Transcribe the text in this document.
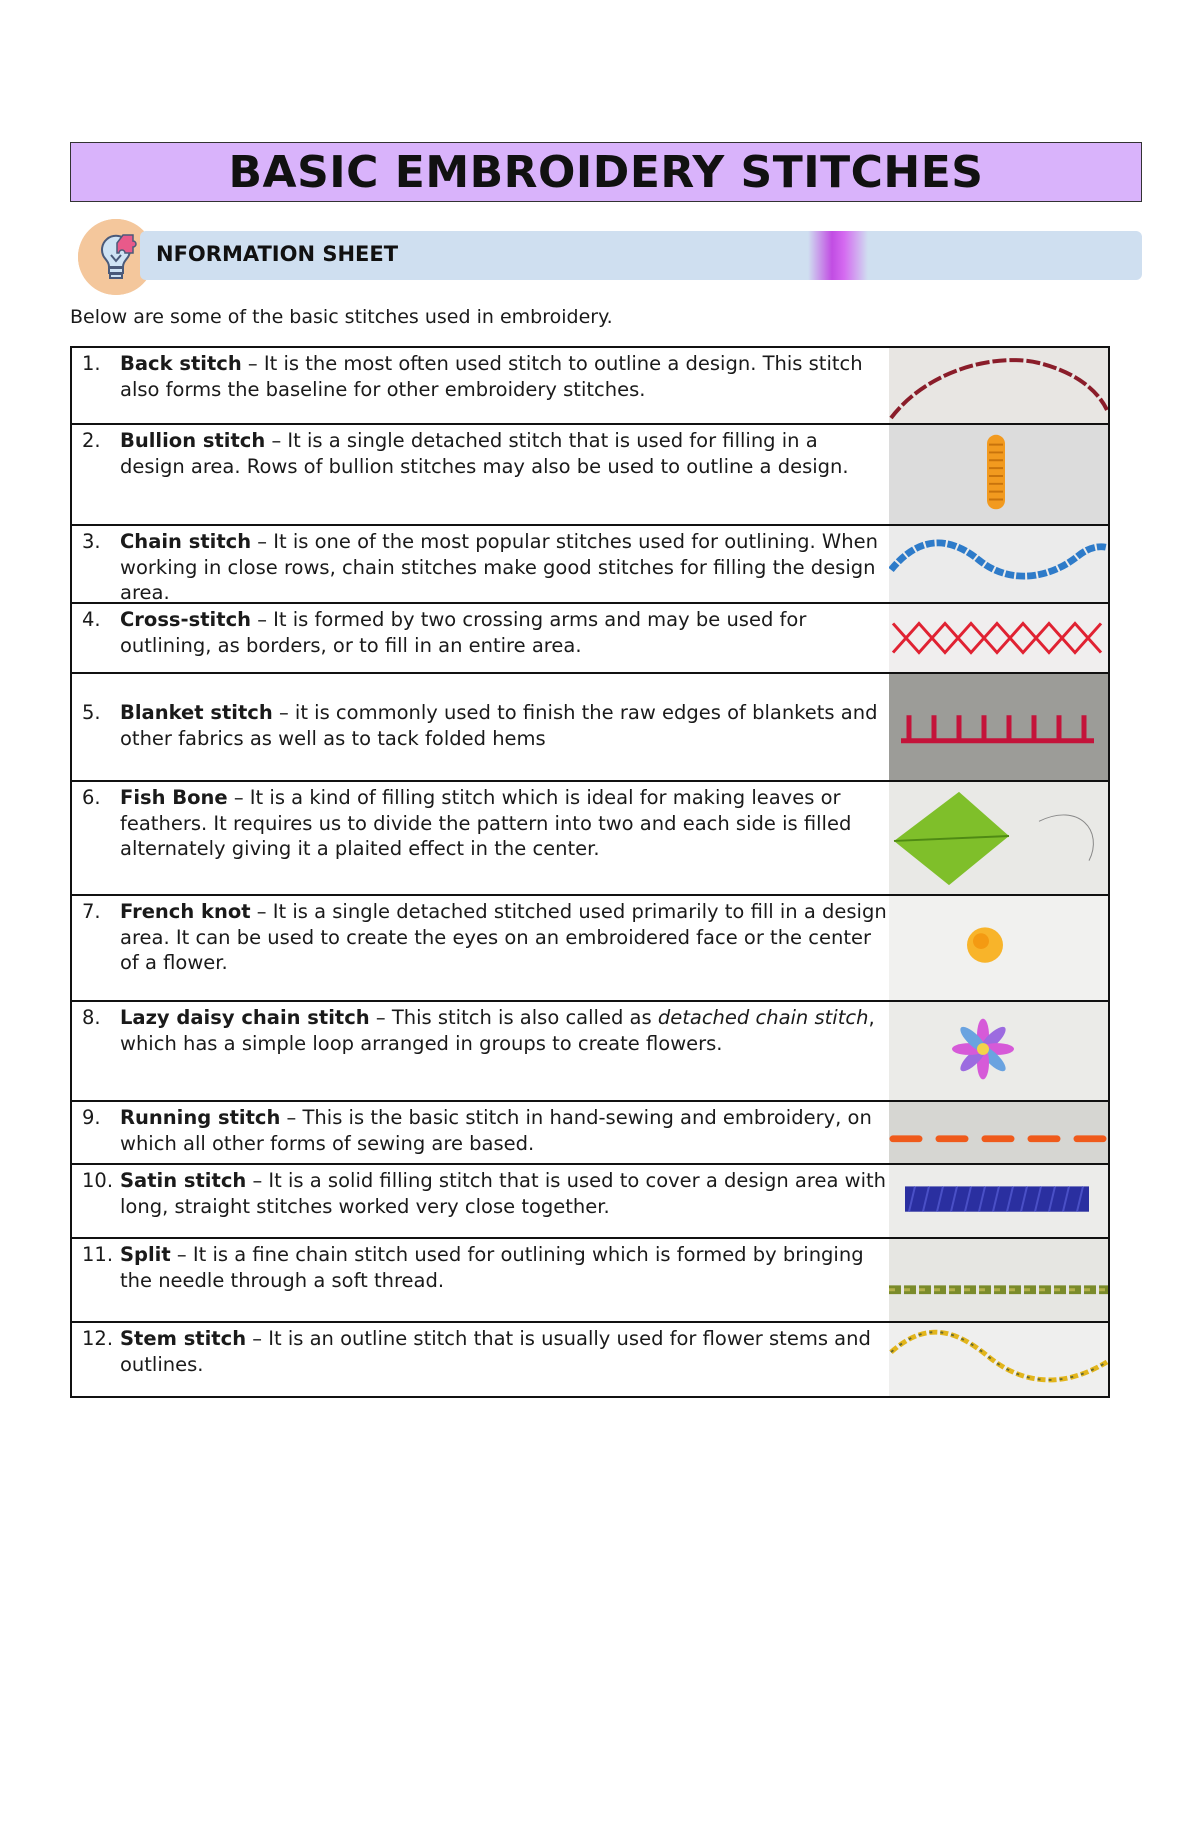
BASIC EMBROIDERY STITCHES
NFORMATION SHEET
Below are some of the basic stitches used in embroidery.
1. Back stitch – It is the most often used stitch to outline a design. This stitch also forms the baseline for other embroidery stitches.
2. Bullion stitch – It is a single detached stitch that is used for filling in a design area. Rows of bullion stitches may also be used to outline a design.
3. Chain stitch – It is one of the most popular stitches used for outlining. When working in close rows, chain stitches make good stitches for filling the design area.
4. Cross-stitch – It is formed by two crossing arms and may be used for outlining, as borders, or to fill in an entire area.
5. Blanket stitch – it is commonly used to finish the raw edges of blankets and other fabrics as well as to tack folded hems
6. Fish Bone – It is a kind of filling stitch which is ideal for making leaves or feathers. It requires us to divide the pattern into two and each side is filled alternately giving it a plaited effect in the center.
7. French knot – It is a single detached stitched used primarily to fill in a design area. It can be used to create the eyes on an embroidered face or the center of a flower.
8. Lazy daisy chain stitch – This stitch is also called as detached chain stitch, which has a simple loop arranged in groups to create flowers.
9. Running stitch – This is the basic stitch in hand-sewing and embroidery, on which all other forms of sewing are based.
10. Satin stitch – It is a solid filling stitch that is used to cover a design area with long, straight stitches worked very close together.
11. Split – It is a fine chain stitch used for outlining which is formed by bringing the needle through a soft thread.
12. Stem stitch – It is an outline stitch that is usually used for flower stems and outlines.
